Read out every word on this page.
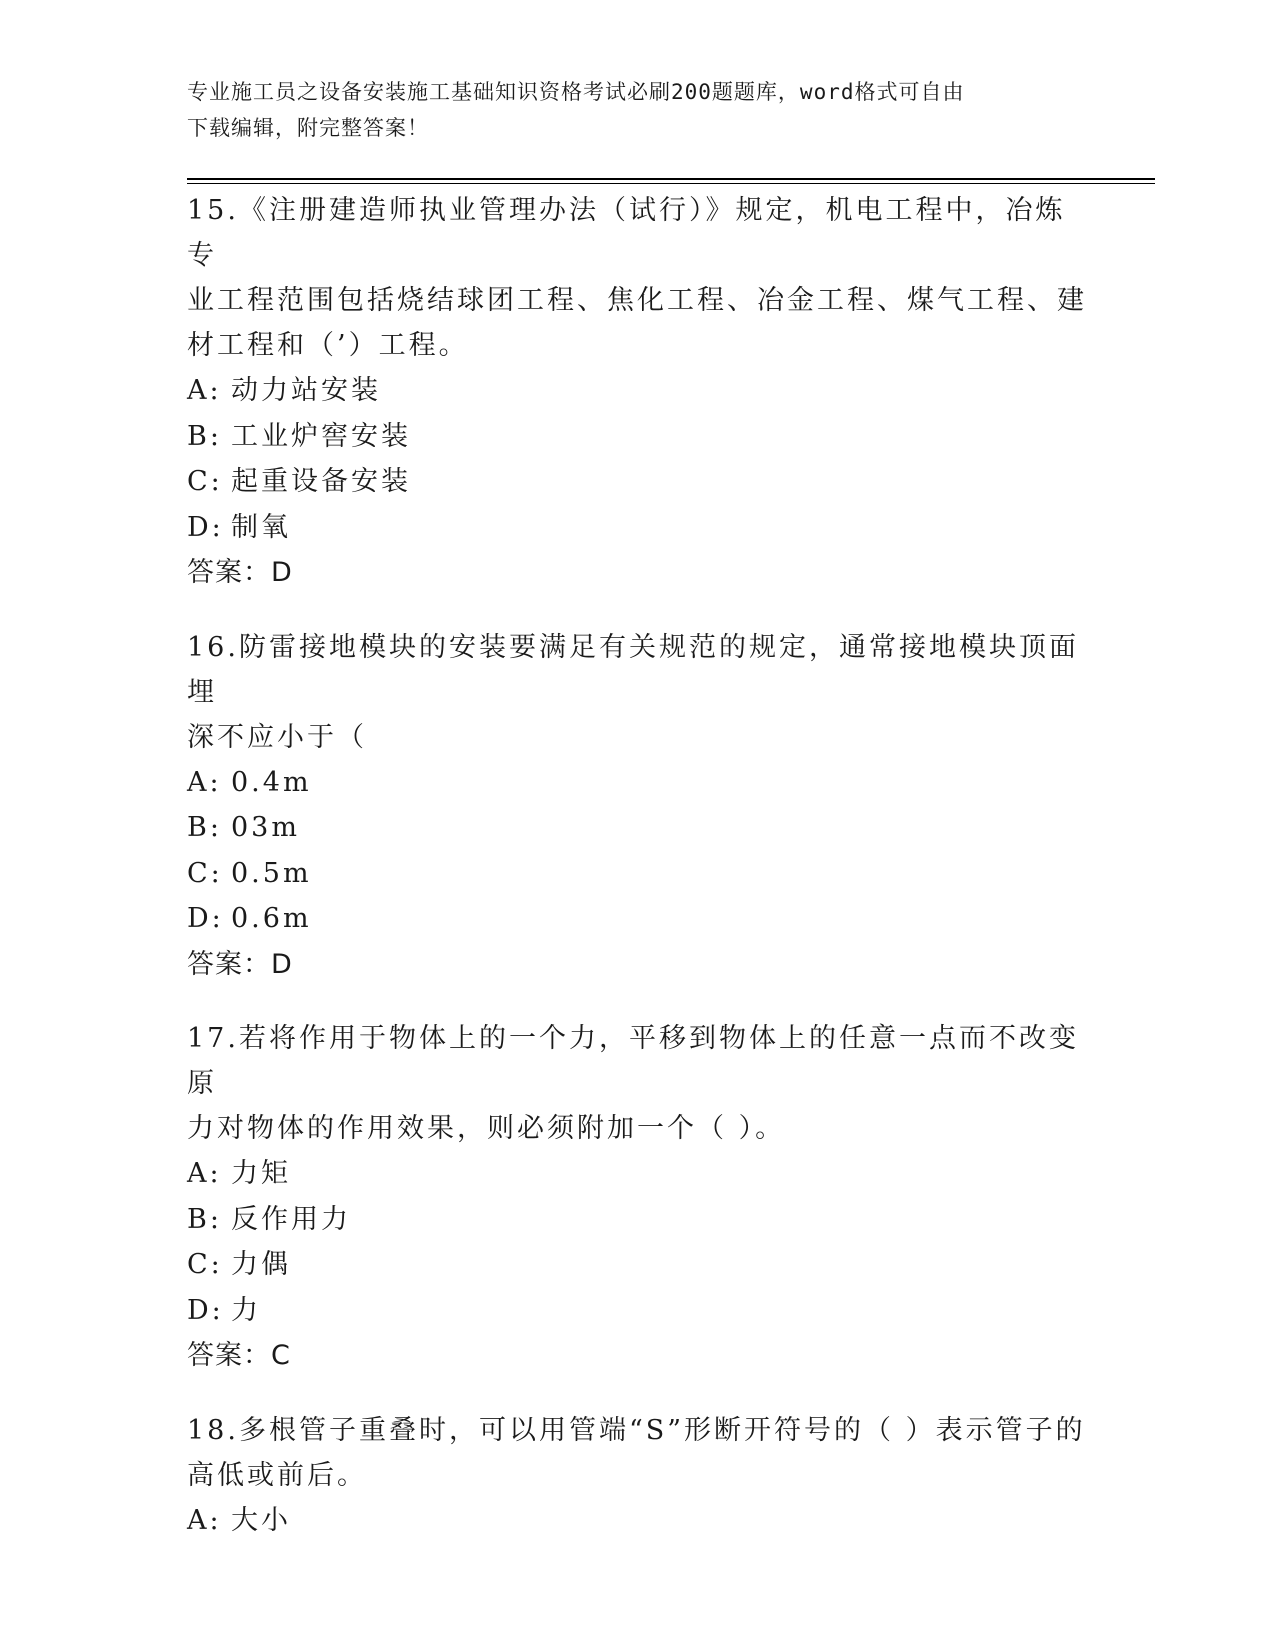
专业施工员之设备安装施工基础知识资格考试必刷200题题库，word格式可自由
下载编辑，附完整答案！
15.《注册建造师执业管理办法（试行）》规定，机电工程中，冶炼专
业工程范围包括烧结球团工程、焦化工程、冶金工程、煤气工程、建
材工程和（’）工程。
A: 动力站安装
B: 工业炉窖安装
C: 起重设备安装
D: 制氧
答案：D
16.防雷接地模块的安装要满足有关规范的规定，通常接地模块顶面埋
深不应小于（
A: 0.4m
B: 03m
C: 0.5m
D: 0.6m
答案：D
17.若将作用于物体上的一个力，平移到物体上的任意一点而不改变原
力对物体的作用效果，则必须附加一个（ ）。
A: 力矩
B: 反作用力
C: 力偶
D: 力
答案：C
18.多根管子重叠时，可以用管端“S”形断开符号的（ ）表示管子的
高低或前后。
A: 大小
